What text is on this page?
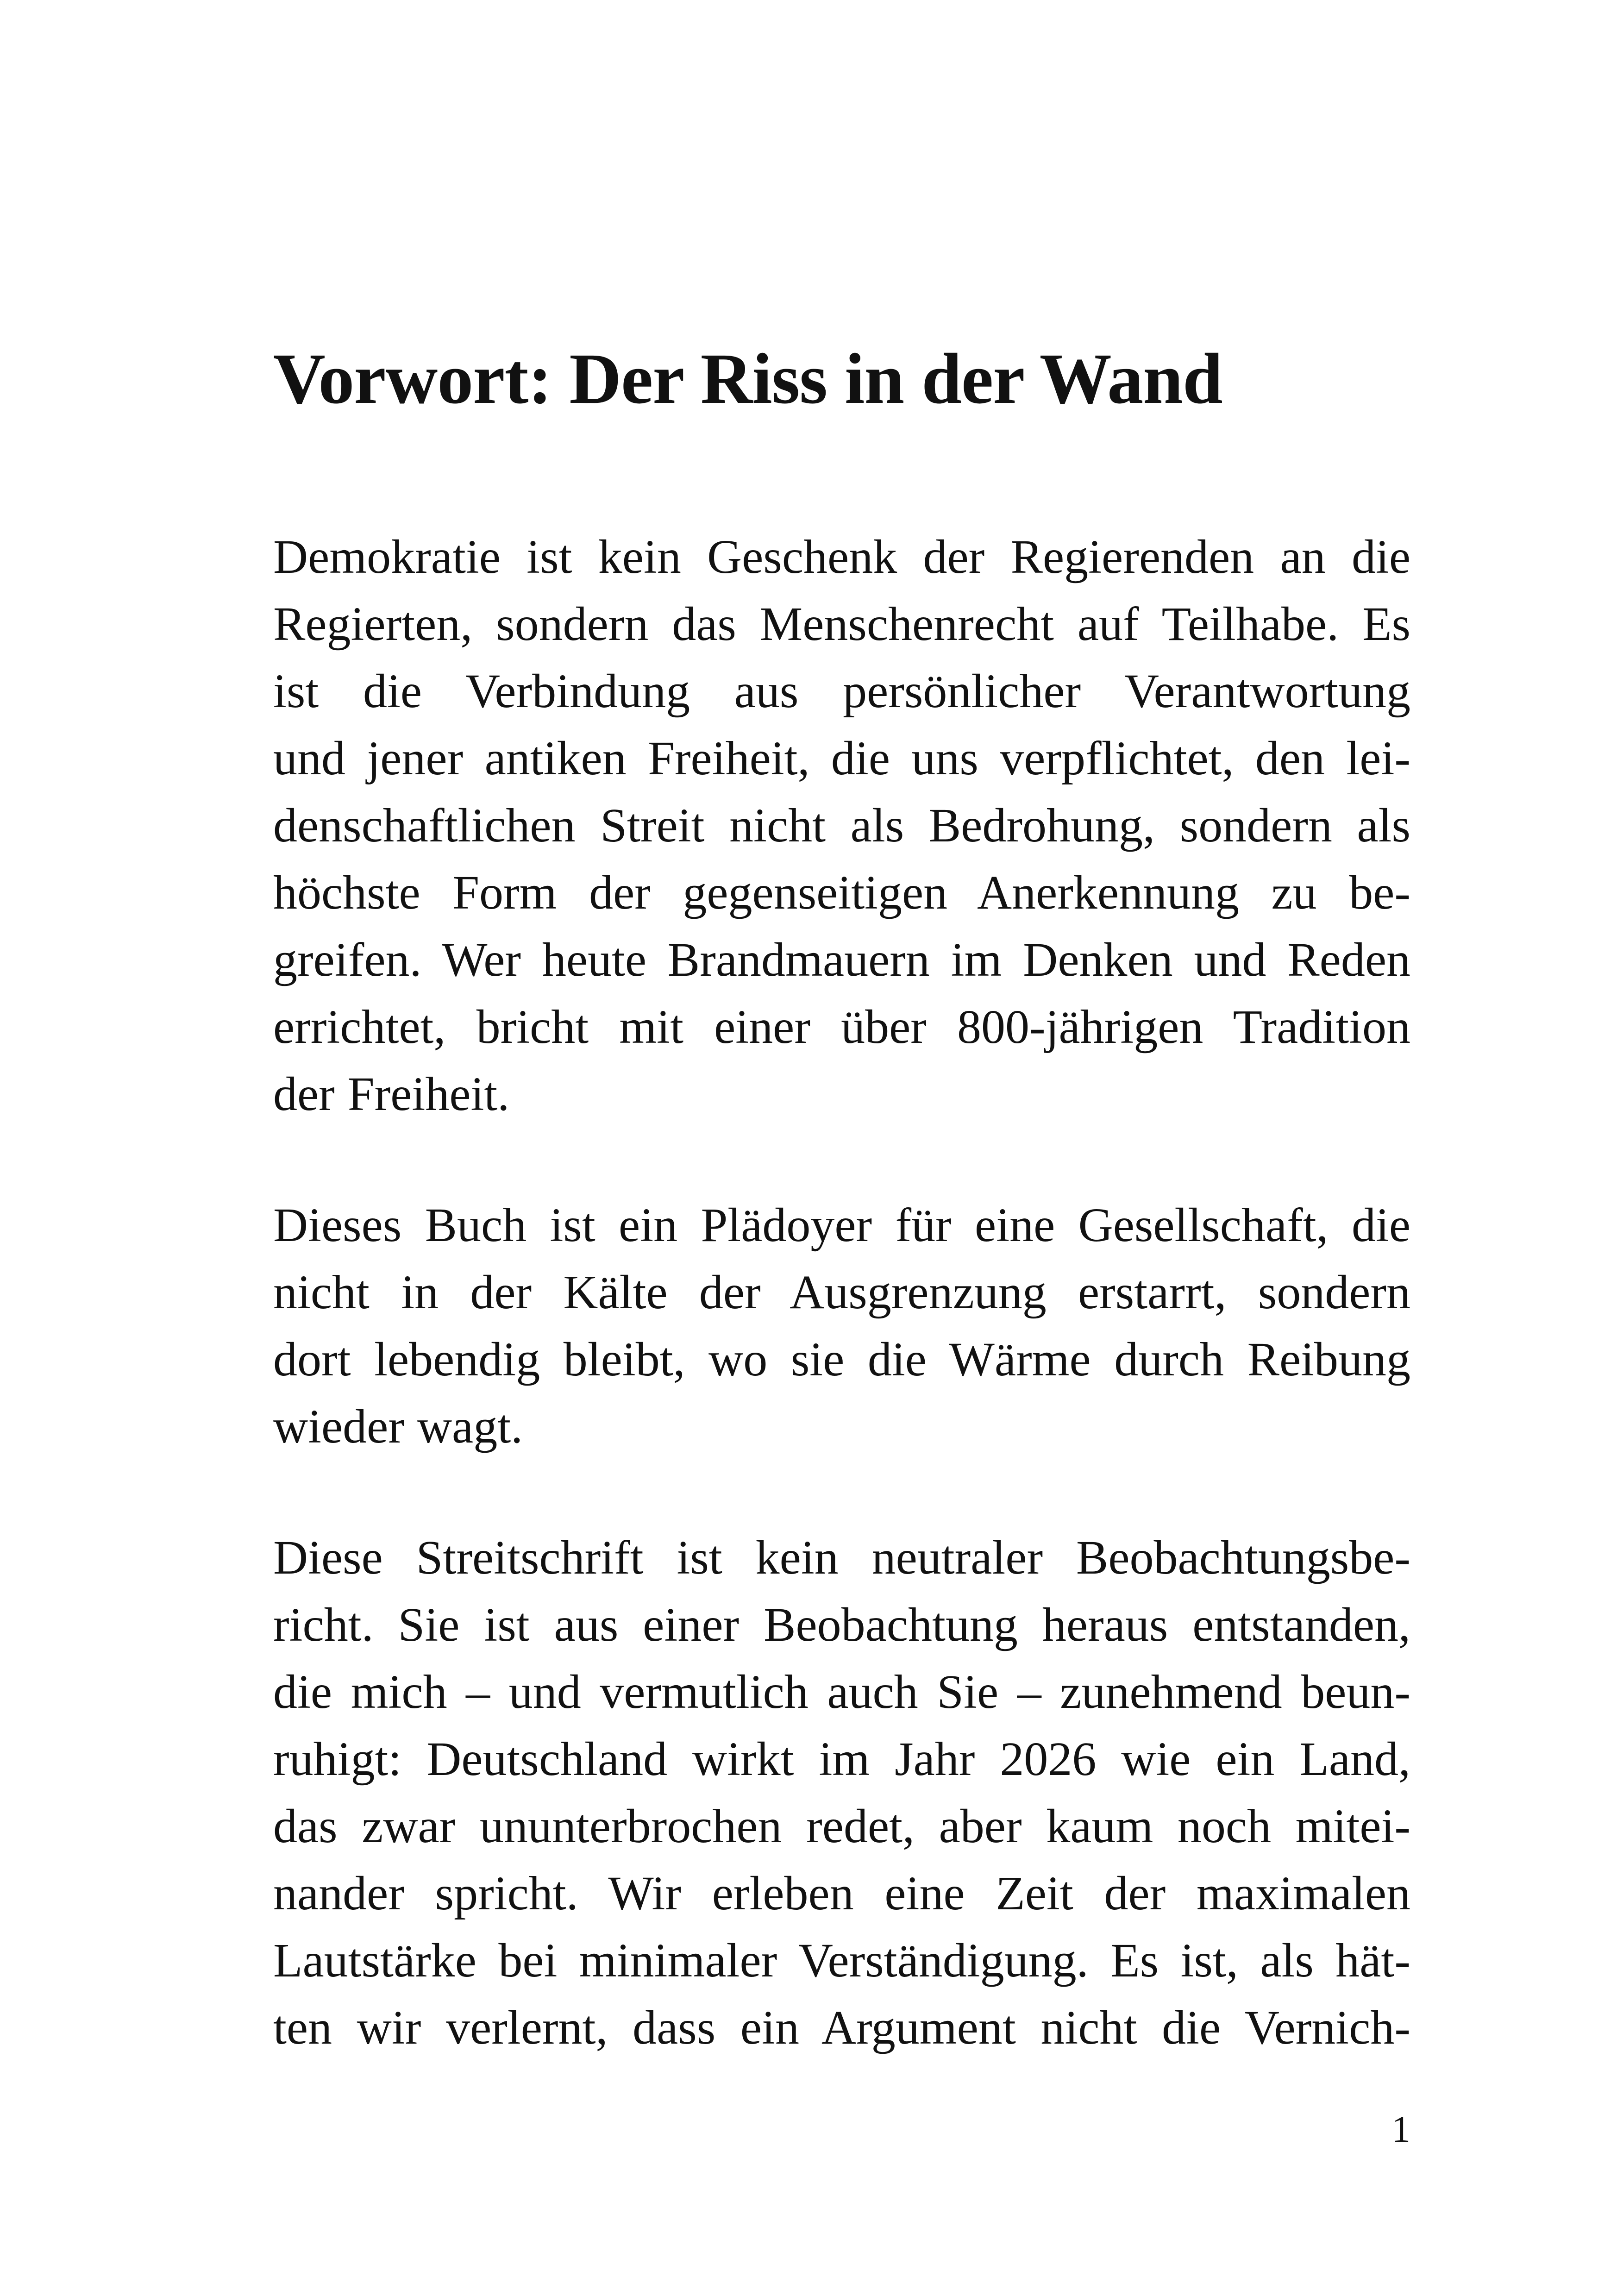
Vorwort: Der Riss in der Wand

Demokratie ist kein Geschenk der Regierenden an die
Regierten, sondern das Menschenrecht auf Teilhabe. Es
ist die Verbindung aus persönlicher Verantwortung
und jener antiken Freiheit, die uns verpflichtet, den lei-
denschaftlichen Streit nicht als Bedrohung, sondern als
höchste Form der gegenseitigen Anerkennung zu be-
greifen. Wer heute Brandmauern im Denken und Reden
errichtet, bricht mit einer über 800-jährigen Tradition
der Freiheit.

Dieses Buch ist ein Plädoyer für eine Gesellschaft, die
nicht in der Kälte der Ausgrenzung erstarrt, sondern
dort lebendig bleibt, wo sie die Wärme durch Reibung
wieder wagt.

Diese Streitschrift ist kein neutraler Beobachtungsbe-
richt. Sie ist aus einer Beobachtung heraus entstanden,
die mich – und vermutlich auch Sie – zunehmend beun-
ruhigt: Deutschland wirkt im Jahr 2026 wie ein Land,
das zwar ununterbrochen redet, aber kaum noch mitei-
nander spricht. Wir erleben eine Zeit der maximalen
Lautstärke bei minimaler Verständigung. Es ist, als hät-
ten wir verlernt, dass ein Argument nicht die Vernich-

1
